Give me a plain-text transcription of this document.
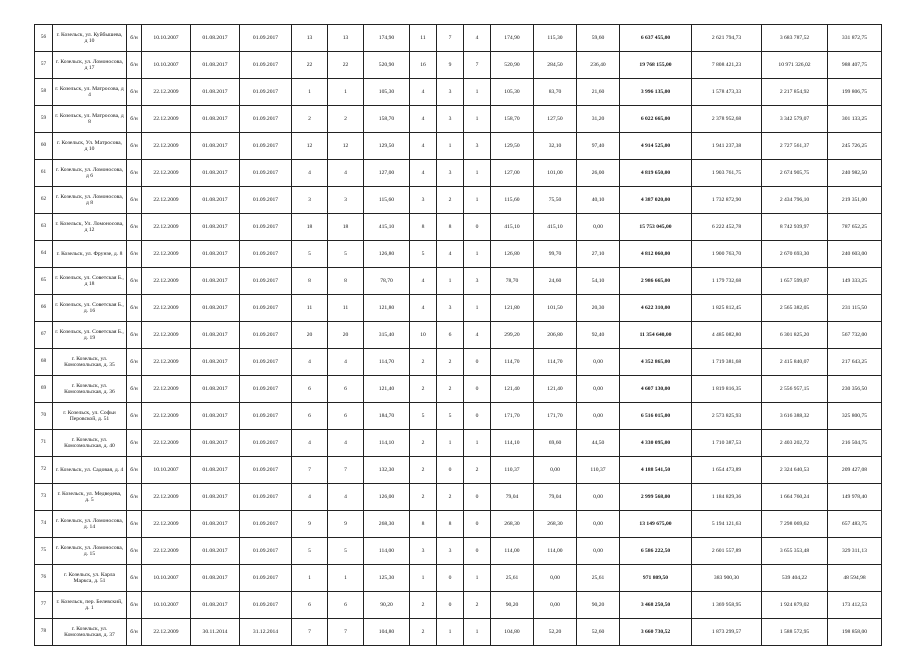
56	г. Козельск, ул. Куйбышева, д 10	б/н	10.10.2007	01.08.2017	01.09.2017	13	13	174,90	11	7	4	174,90	115,30	59,60	6 637 455,00	2 621 794,73	3 683 787,52	331 872,75
57	г. Козельск, ул. Ломоносова, д 17	б/н	10.10.2007	01.08.2017	01.09.2017	22	22	520,90	16	9	7	520,90	284,50	236,40	19 768 155,00	7 808 421,23	10 971 326,02	988 407,75
58	г. Козельск, ул. Матросова, д 4	б/н	22.12.2009	01.08.2017	01.09.2017	1	1	105,30	4	3	1	105,30	83,70	21,60	3 996 135,00	1 578 473,33	2 217 854,92	199 806,75
59	г. Козельск, ул. Матросова, д 8	б/н	22.12.2009	01.08.2017	01.09.2017	2	2	158,70	4	3	1	158,70	127,50	31,20	6 022 665,00	2 378 952,68	3 342 579,07	301 133,25
60	г. Козельск, Ул. Матросова, д 10	б/н	22.12.2009	01.08.2017	01.09.2017	12	12	129,50	4	1	3	129,50	32,10	97,40	4 914 525,00	1 941 237,38	2 727 561,37	245 726,25
61	г. Козельск, ул. Ломоносова, д 6	б/н	22.12.2009	01.08.2017	01.09.2017	4	4	127,00	4	3	1	127,00	101,00	26,00	4 819 650,00	1 903 761,75	2 674 905,75	240 982,50
62	г. Козельск, ул. Ломоносова, д 8	б/н	22.12.2009	01.08.2017	01.09.2017	3	3	115,60	3	2	1	115,60	75,50	40,10	4 387 020,00	1 732 872,90	2 434 796,10	219 351,00
63	г. Козельск, Ул. Ломоносова, д 12	б/н	22.12.2009	01.08.2017	01.09.2017	18	18	415,10	8	8	0	415,10	415,10	0,00	15 753 045,00	6 222 452,78	8 742 939,97	787 652,25
64	г. Козельск, ул. Фрунзе, д. 8	б/н	22.12.2009	01.08.2017	01.09.2017	5	5	126,80	5	4	1	126,80	99,70	27,10	4 812 060,00	1 900 763,70	2 670 693,30	240 603,00
65	г. Козельск, ул. Советская Б., д 18	б/н	22.12.2009	01.08.2017	01.09.2017	8	8	78,70	4	1	3	78,70	24,60	54,10	2 986 665,00	1 179 732,68	1 657 599,07	149 333,25
66	г. Козельск, ул. Советская Б., д. 16	б/н	22.12.2009	01.08.2017	01.09.2017	11	11	121,80	4	3	1	121,80	101,50	20,30	4 622 310,00	1 825 812,45	2 565 382,05	231 115,50
67	г. Козельск, ул. Советская Б., д. 19	б/н	22.12.2009	01.08.2017	01.09.2017	20	20	315,40	10	6	4	299,20	206,80	92,40	11 354 640,00	4 485 082,80	6 301 825,20	567 732,00
68	г. Козельск, ул. Комсомольская, д. 35	б/н	22.12.2009	01.08.2017	01.09.2017	4	4	114,70	2	2	0	114,70	114,70	0,00	4 352 865,00	1 719 381,68	2 415 840,07	217 643,25
69	г. Козельск, ул. Комсомольская, д. 36	б/н	22.12.2009	01.08.2017	01.09.2017	6	6	121,40	2	2	0	121,40	121,40	0,00	4 607 130,00	1 819 816,35	2 556 957,15	230 356,50
70	г. Козельск, ул. Софьи Перовской, д. 51	б/н	22.12.2009	01.08.2017	01.09.2017	6	6	184,70	5	5	0	171,70	171,70	0,00	6 516 015,00	2 573 825,93	3 616 388,32	325 800,75
71	г. Козельск, ул. Комсомольская, д. 40	б/н	22.12.2009	01.08.2017	01.09.2017	4	4	114,10	2	1	1	114,10	69,60	44,50	4 330 095,00	1 710 387,53	2 403 202,72	216 504,75
72	г. Козельск, ул. Садовая, д. 4	б/н	10.10.2007	01.08.2017	01.09.2017	7	7	132,30	2	0	2	110,37	0,00	110,37	4 188 541,50	1 654 473,89	2 324 640,53	209 427,08
73	г. Козельск, ул. Медведева, д. 5	б/н	22.12.2009	01.08.2017	01.09.2017	4	4	126,00	2	2	0	79,04	79,04	0,00	2 999 568,00	1 184 829,36	1 664 760,24	149 978,40
74	г. Козельск, ул. Ломоносова, д. 14	б/н	22.12.2009	01.08.2017	01.09.2017	9	9	268,30	8	8	0	268,30	268,30	0,00	13 149 675,00	5 194 121,63	7 298 069,62	657 483,75
75	г. Козельск, ул. Ломоносова, д. 15	б/н	22.12.2009	01.08.2017	01.09.2017	5	5	114,00	3	3	0	114,00	114,00	0,00	6 586 222,50	2 601 557,89	3 655 353,48	329 311,13
76	г. Козельск, ул. Карла Маркса, д. 51	б/н	10.10.2007	01.08.2017	01.09.2017	1	1	125,30	1	0	1	25,61	0,00	25,61	971 809,50	383 900,30	539 404,22	48 594,98
77	г. Козельск, пер. Белевский, д. 1	б/н	10.10.2007	01.08.2017	01.09.2017	6	6	90,20	2	0	2	90,20	0,00	90,20	3 468 250,50	1 369 958,95	1 924 879,02	173 412,53
78	г. Козельск, ул. Комсомольская, д. 37	б/н	22.12.2009	30.11.2014	31.12.2014	7	7	104,80	2	1	1	104,80	52,20	52,60	3 660 730,52	1 873 299,57	1 588 572,95	198 858,00
